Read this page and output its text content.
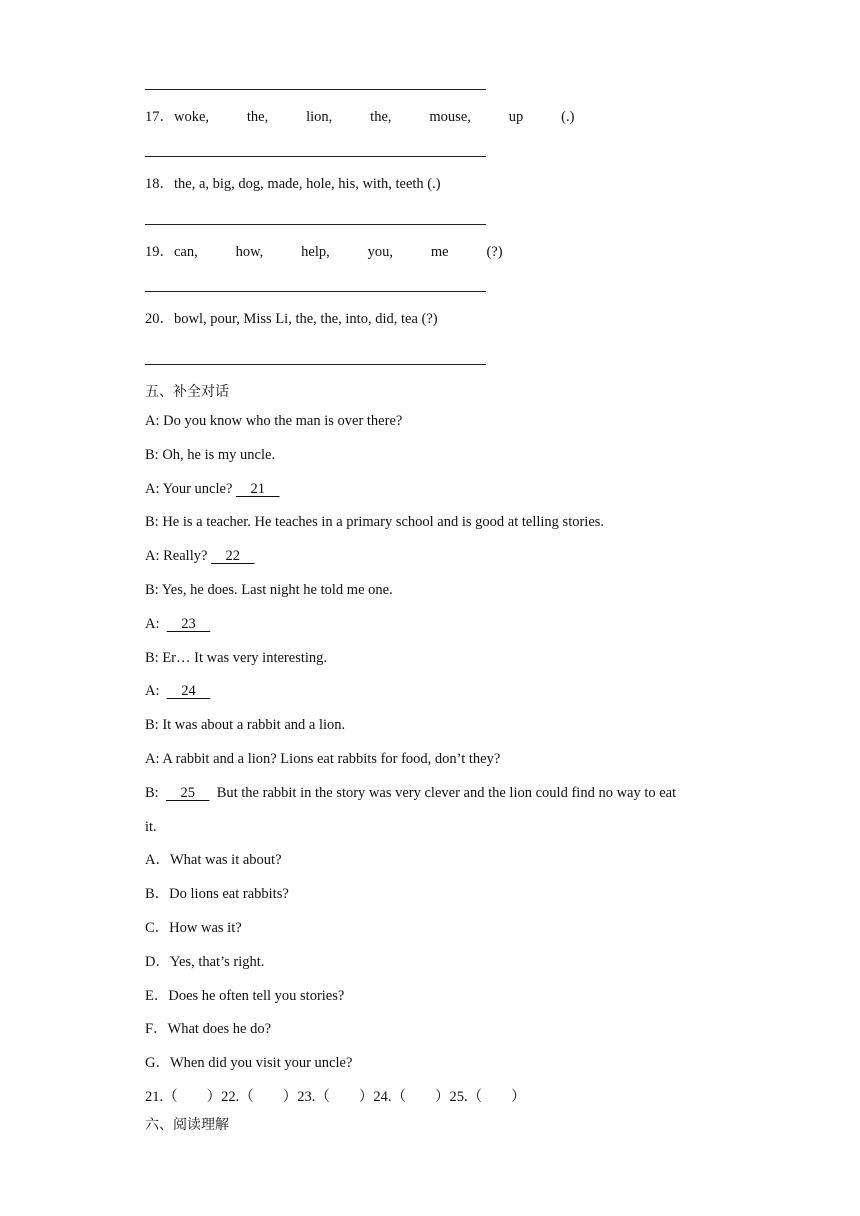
17．woke,   the,   lion,   the,   mouse,   up   (.)
18．the, a, big, dog, made, hole, his, with, teeth (.)
19．can,   how,   help,   you,   me   (?)
20．bowl, pour, Miss Li, the, the, into, did, tea (?)
五、补全对话
A: Do you know who the man is over there?
B: Oh, he is my uncle.
A: Your uncle?     21
B: He is a teacher. He teaches in a primary school and is good at telling stories.
A: Really?     22
B: Yes, he does. Last night he told me one.
A:      23
B: Er… It was very interesting.
A:      24
B: It was about a rabbit and a lion.
A: A rabbit and a lion? Lions eat rabbits for food, don’t they?
B:      25      But the rabbit in the story was very clever and the lion could find no way to eat
it.
A．What was it about?
B．Do lions eat rabbits?
C．How was it?
D．Yes, that’s right.
E．Does he often tell you stories?
F．What does he do?
G．When did you visit your uncle?
21.（        ）22.（        ）23.（        ）24.（        ）25.（        ）
六、阅读理解
